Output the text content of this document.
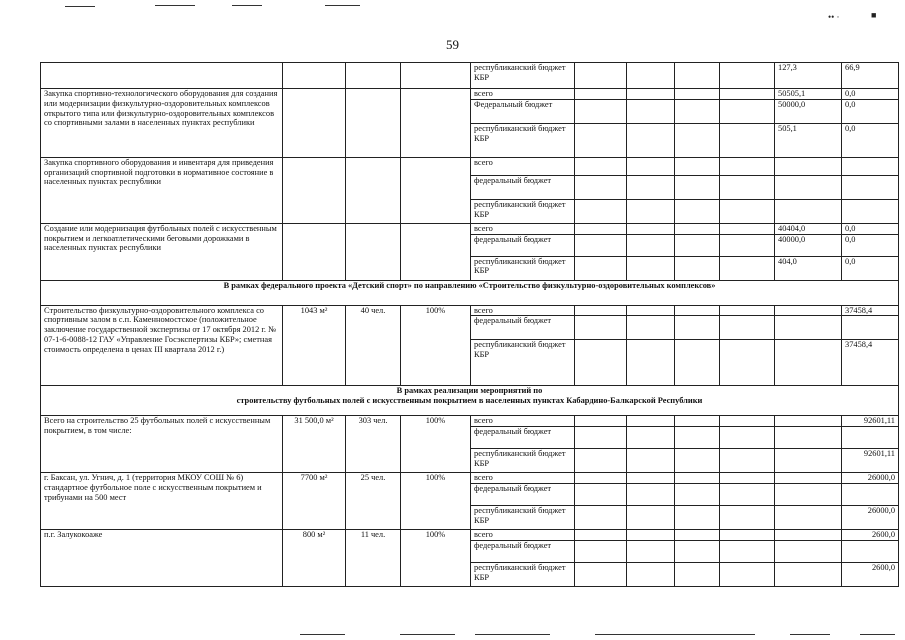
59
•• ·	■
				республиканский бюджет КБР					127,3	66,9
Закупка спортивно-технологического оборудования для создания или модернизации физкультурно-оздоровительных комплексов открытого типа или физкультурно-оздоровительных комплексов со спортивными залами в населенных пунктах республики				всего					50505,1	0,0
				Федеральный бюджет					50000,0	0,0
				республиканский бюджет КБР					505,1	0,0
Закупка спортивного оборудования и инвентаря для приведения организаций спортивной подготовки в нормативное состояние в населенных пунктах республики				всего						
				федеральный бюджет						
				республиканский бюджет КБР						
Создание или модернизация футбольных полей с искусственным покрытием и легкоатлетическими беговыми дорожками в населенных пунктах республики				всего					40404,0	0,0
				федеральный бюджет					40000,0	0,0
				республиканский бюджет КБР					404,0	0,0
В рамках федерального проекта «Детский спорт» по направлению «Строительство физкультурно-оздоровительных комплексов»										
Строительство физкультурно-оздоровительного комплекса со спортивным залом в с.п. Каменномостское (положительное заключение государственной экспертизы от 17 октября 2012 г. № 07-1-6-0088-12 ГАУ «Управление Госэкспертизы КБР»; сметная стоимость определена в ценах III квартала 2012 г.)	1043 м²	40 чел.	100%	всего						37458,4
				федеральный бюджет						
				республиканский бюджет КБР						37458,4

В рамках реализации мероприятий по
строительству футбольных полей с искусственным покрытием в населенных пунктах Кабардино-Балкарской Республики										

Всего на строительство 25 футбольных полей с искусственным покрытием, в том числе:	31 500,0 м²	303 чел.	100%	всего						92601,11
				федеральный бюджет						
				республиканский бюджет КБР						92601,11
г. Баксан, ул. Угнич, д. 1 (территория МКОУ СОШ № 6) стандартное футбольное поле с искусственным покрытием и трибунами на 500 мест	7700 м²	25 чел.	100%	всего						26000,0
				федеральный бюджет						
				республиканский бюджет КБР						26000,0
п.г. Залукокоаже	800 м²	11 чел.	100%	всего						2600,0
				федеральный бюджет						
				республиканский бюджет КБР						2600,0
